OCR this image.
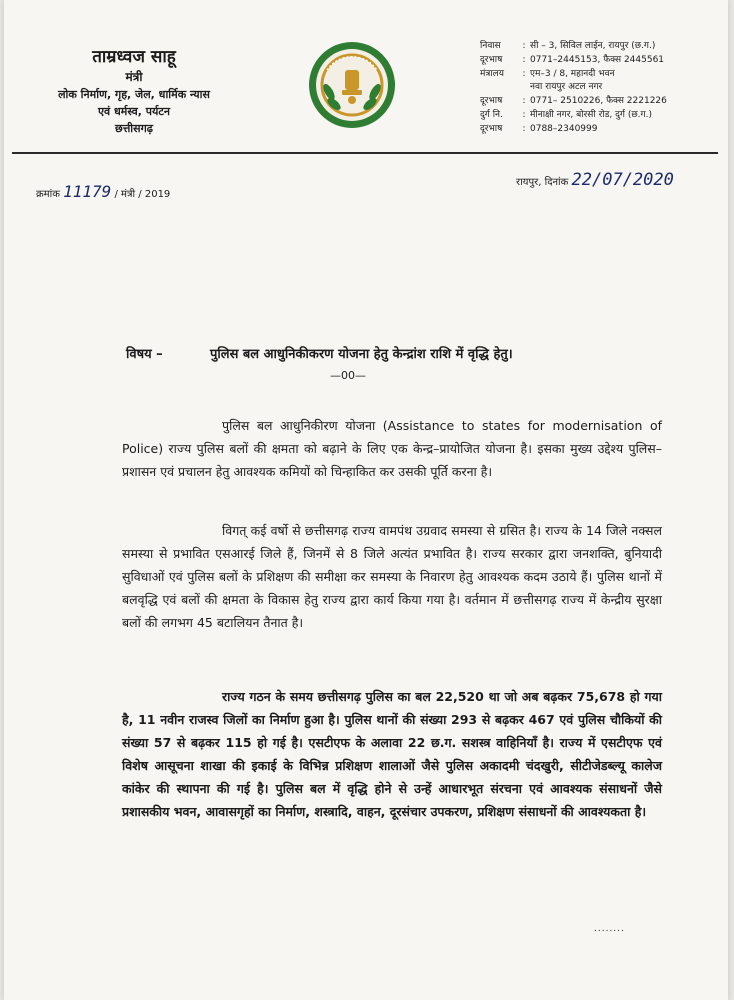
ताम्रध्वज साहू
मंत्री
लोक निर्माण, गृह, जेल, धार्मिक न्यास
एवं धर्मस्व, पर्यटन
छत्तीसगढ़
निवास	: सी – 3, सिविल लाईन, रायपुर (छ.ग.)
दूरभाष	: 0771–2445153, फैक्स 2445561
मंत्रालय	: एम–3 / 8, महानदी भवन
नवा रायपुर अटल नगर
दूरभाष	: 0771– 2510226, फैक्स 2221226
दुर्ग नि.	: मीनाक्षी नगर, बोरसी रोड, दुर्ग (छ.ग.)
दूरभाष	: 0788–2340999
क्रमांक 11179 / मंत्री / 2019
रायपुर, दिनांक 22/07/2020
विषय –	पुलिस बल आधुनिकीकरण योजना हेतु केन्द्रांश राशि में वृद्धि हेतु।
—00—
पुलिस बल आधुनिकीरण योजना (Assistance to states for modernisation of Police) राज्य पुलिस बलों की क्षमता को बढ़ाने के लिए एक केन्द्र–प्रायोजित योजना है। इसका मुख्य उद्देश्य पुलिस–प्रशासन एवं प्रचालन हेतु आवश्यक कमियों को चिन्हाकित कर उसकी पूर्ति करना है।
विगत् कई वर्षो से छत्तीसगढ़ राज्य वामपंथ उग्रवाद समस्या से ग्रसित है। राज्य के 14 जिले नक्सल समस्या से प्रभावित एसआरई जिले हैं, जिनमें से 8 जिले अत्यंत प्रभावित है। राज्य सरकार द्वारा जनशक्ति, बुनियादी सुविधाओं एवं पुलिस बलों के प्रशिक्षण की समीक्षा कर समस्या के निवारण हेतु आवश्यक कदम उठाये हैं। पुलिस थानों में बलवृद्धि एवं बलों की क्षमता के विकास हेतु राज्य द्वारा कार्य किया गया है। वर्तमान में छत्तीसगढ़ राज्य में केन्द्रीय सुरक्षा बलों की लगभग 45 बटालियन तैनात है।
राज्य गठन के समय छत्तीसगढ़ पुलिस का बल 22,520 था जो अब बढ़कर 75,678 हो गया है, 11 नवीन राजस्व जिलों का निर्माण हुआ है। पुलिस थानों की संख्या 293 से बढ़कर 467 एवं पुलिस चौकियों की संख्या 57 से बढ़कर 115 हो गई है। एसटीएफ के अलावा 22 छ.ग. सशस्त्र वाहिनियॉं है। राज्य में एसटीएफ एवं विशेष आसूचना शाखा की इकाई के विभिन्न प्रशिक्षण शालाओं जैसे पुलिस अकादमी चंदखुरी, सीटीजेडब्ल्यू कालेज कांकेर की स्थापना की गई है। पुलिस बल में वृद्धि होने से उन्हें आधारभूत संरचना एवं आवश्यक संसाधनों जैसे प्रशासकीय भवन, आवासगृहों का निर्माण, शस्त्रादि, वाहन, दूरसंचार उपकरण, प्रशिक्षण संसाधनों की आवश्यकता है।
........
